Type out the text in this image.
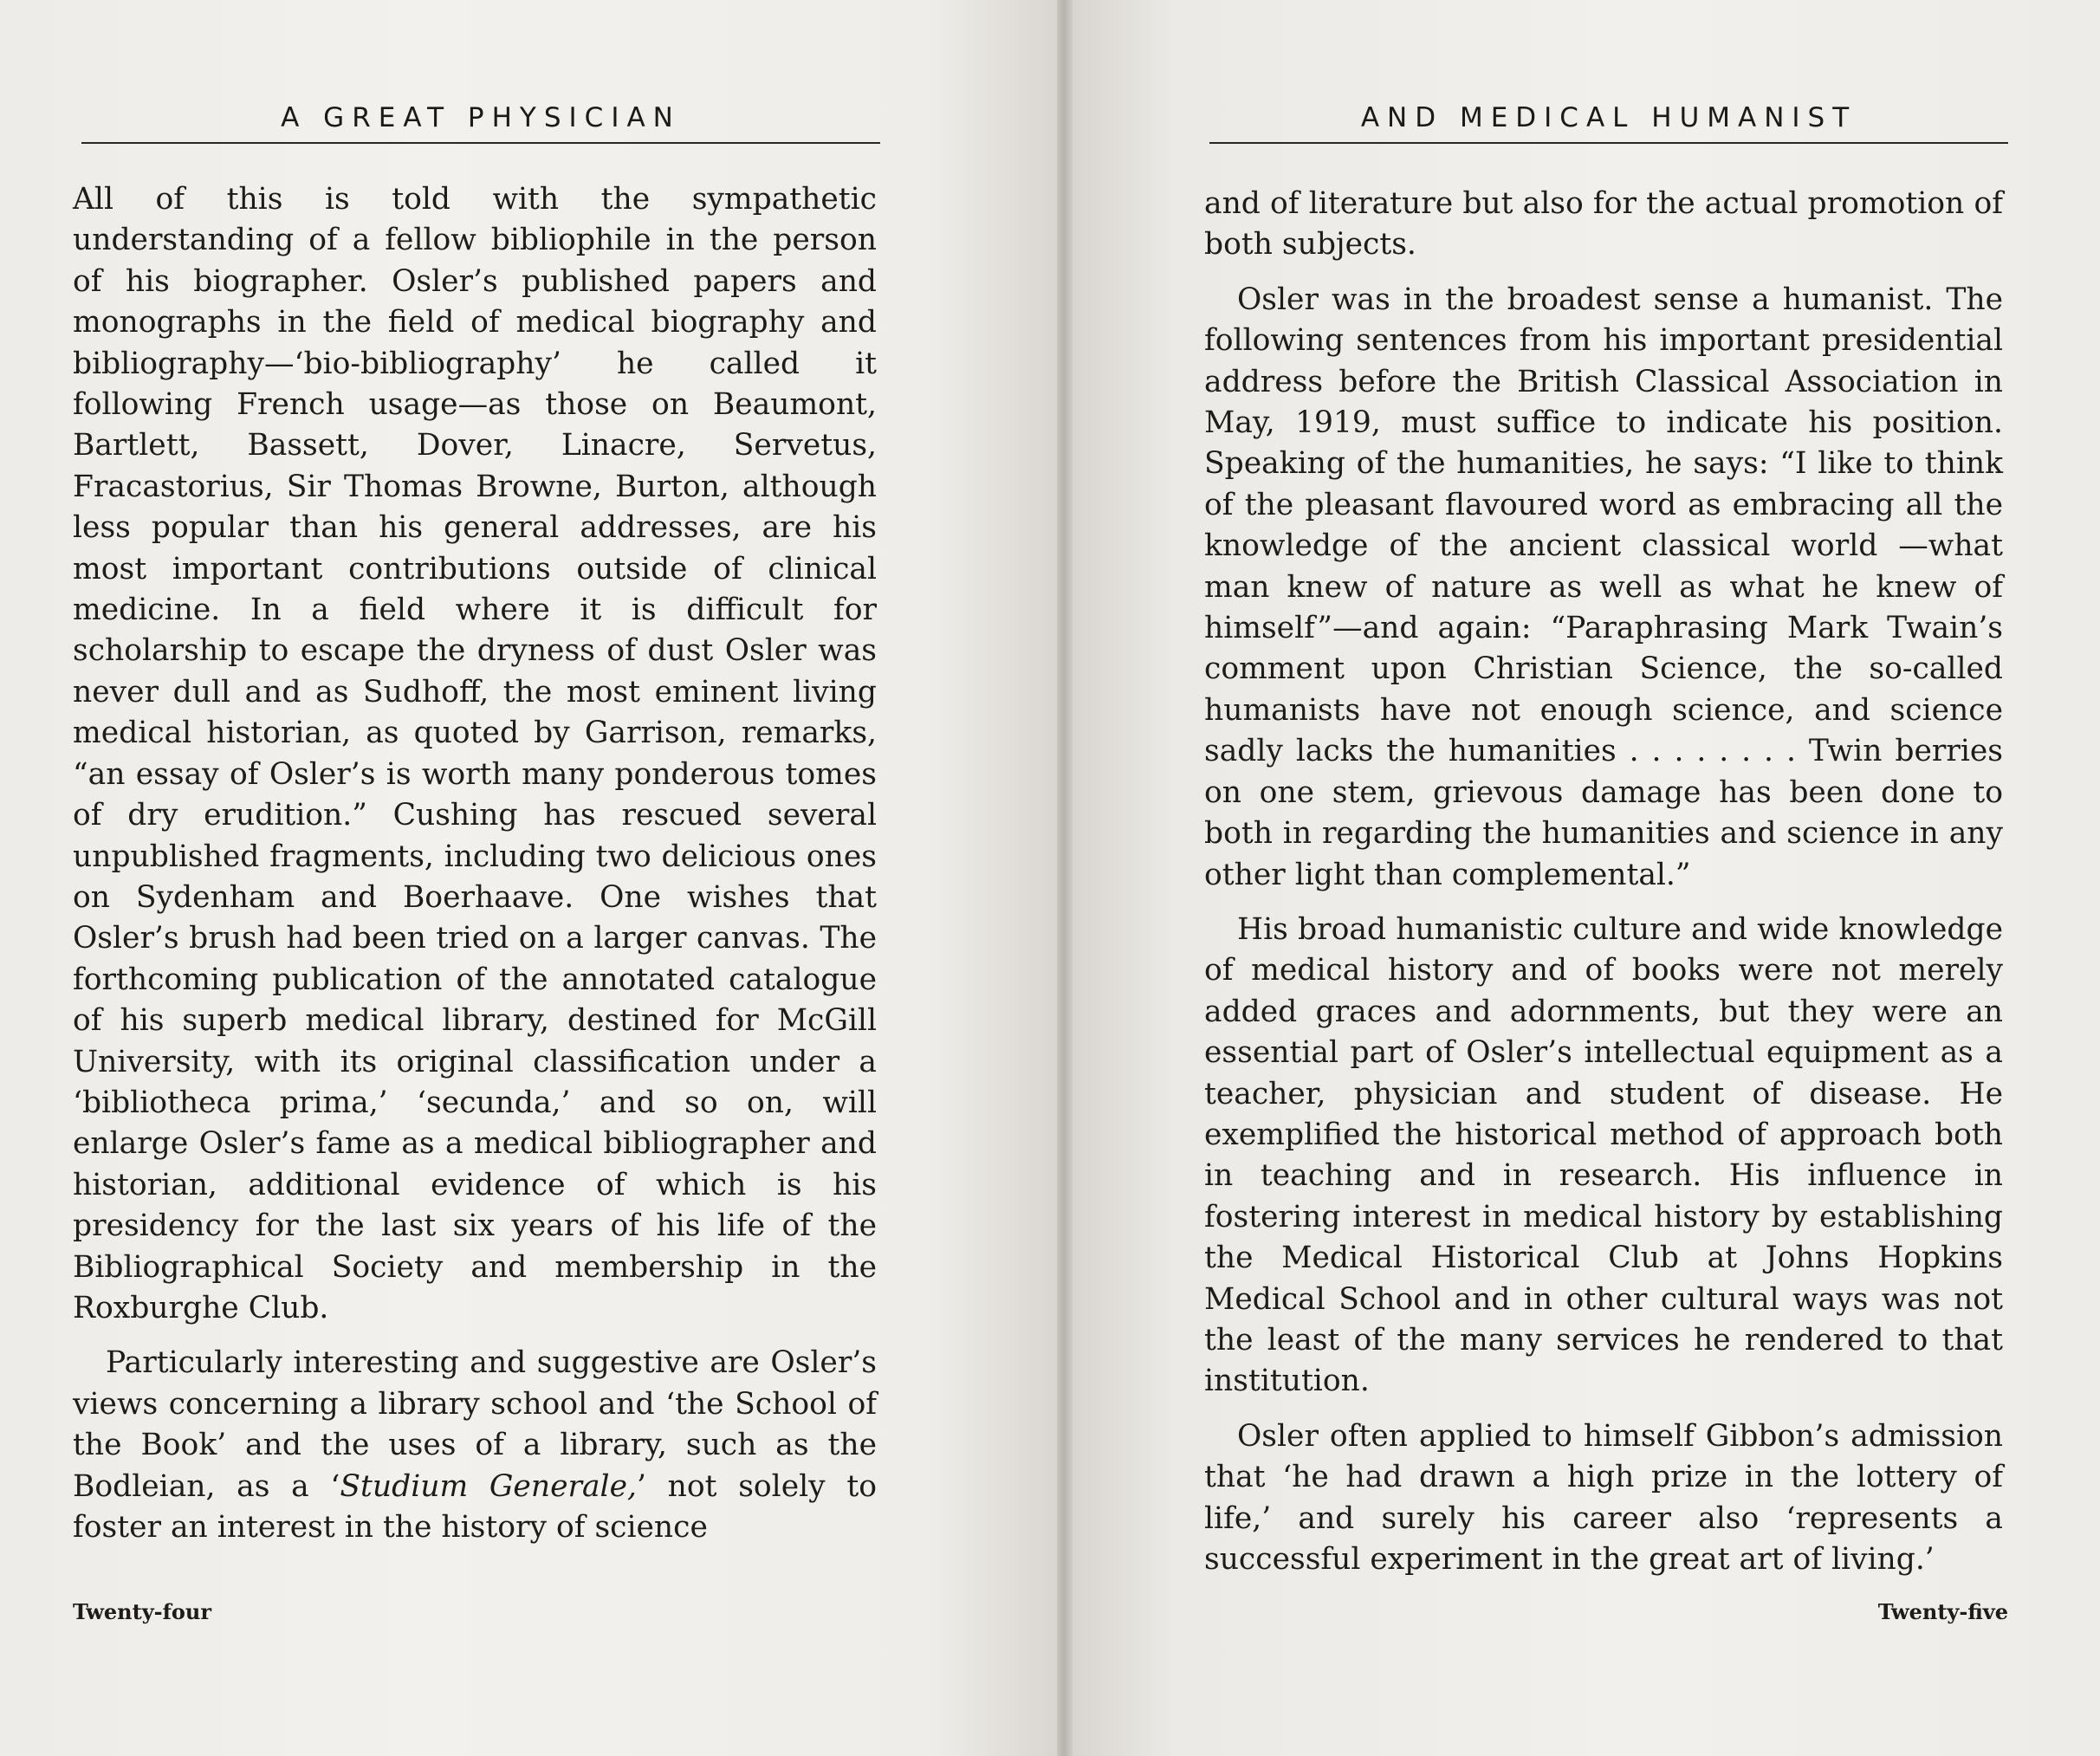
A GREAT PHYSICIAN

All of this is told with the sympathetic understanding of a fellow bibliophile in the person of his biographer. Osler’s published papers and monographs in the field of medical biography and bibliography—‘bio-bibliography’ he called it following French usage—as those on Beaumont, Bartlett, Bassett, Dover, Linacre, Servetus, Fracastorius, Sir Thomas Browne, Burton, although less popular than his general addresses, are his most important contributions outside of clinical medicine. In a field where it is difficult for scholarship to escape the dryness of dust Osler was never dull and as Sudhoff, the most eminent living medical historian, as quoted by Garrison, remarks, “an essay of Osler’s is worth many ponderous tomes of dry erudition.” Cushing has rescued several unpublished fragments, including two delicious ones on Sydenham and Boerhaave. One wishes that Osler’s brush had been tried on a larger canvas. The forthcoming publication of the annotated catalogue of his superb medical library, destined for McGill University, with its original classification under a ‘bibliotheca prima,’ ‘secunda,’ and so on, will enlarge Osler’s fame as a medical bibliographer and historian, additional evidence of which is his presidency for the last six years of his life of the Bibliographical Society and membership in the Roxburghe Club.

Particularly interesting and suggestive are Osler’s views concerning a library school and ‘the School of the Book’ and the uses of a library, such as the Bodleian, as a ‘Studium Generale,’ not solely to foster an interest in the history of science

Twenty-four
AND MEDICAL HUMANIST

and of literature but also for the actual promotion of both subjects.

Osler was in the broadest sense a humanist. The following sentences from his important presidential address before the British Classical Association in May, 1919, must suffice to indicate his position. Speaking of the humanities, he says: “I like to think of the pleasant flavoured word as embracing all the knowledge of the ancient classical world —what man knew of nature as well as what he knew of himself”—and again: “Paraphrasing Mark Twain’s comment upon Christian Science, the so-called humanists have not enough science, and science sadly lacks the humanities . . . . . . . . Twin berries on one stem, grievous damage has been done to both in regarding the humanities and science in any other light than complemental.”

His broad humanistic culture and wide knowledge of medical history and of books were not merely added graces and adornments, but they were an essential part of Osler’s intellectual equipment as a teacher, physician and student of disease. He exemplified the historical method of approach both in teaching and in research. His influence in fostering interest in medical history by establishing the Medical Historical Club at Johns Hopkins Medical School and in other cultural ways was not the least of the many services he rendered to that institution.

Osler often applied to himself Gibbon’s admission that ‘he had drawn a high prize in the lottery of life,’ and surely his career also ‘represents a successful experiment in the great art of living.’

Twenty-five
